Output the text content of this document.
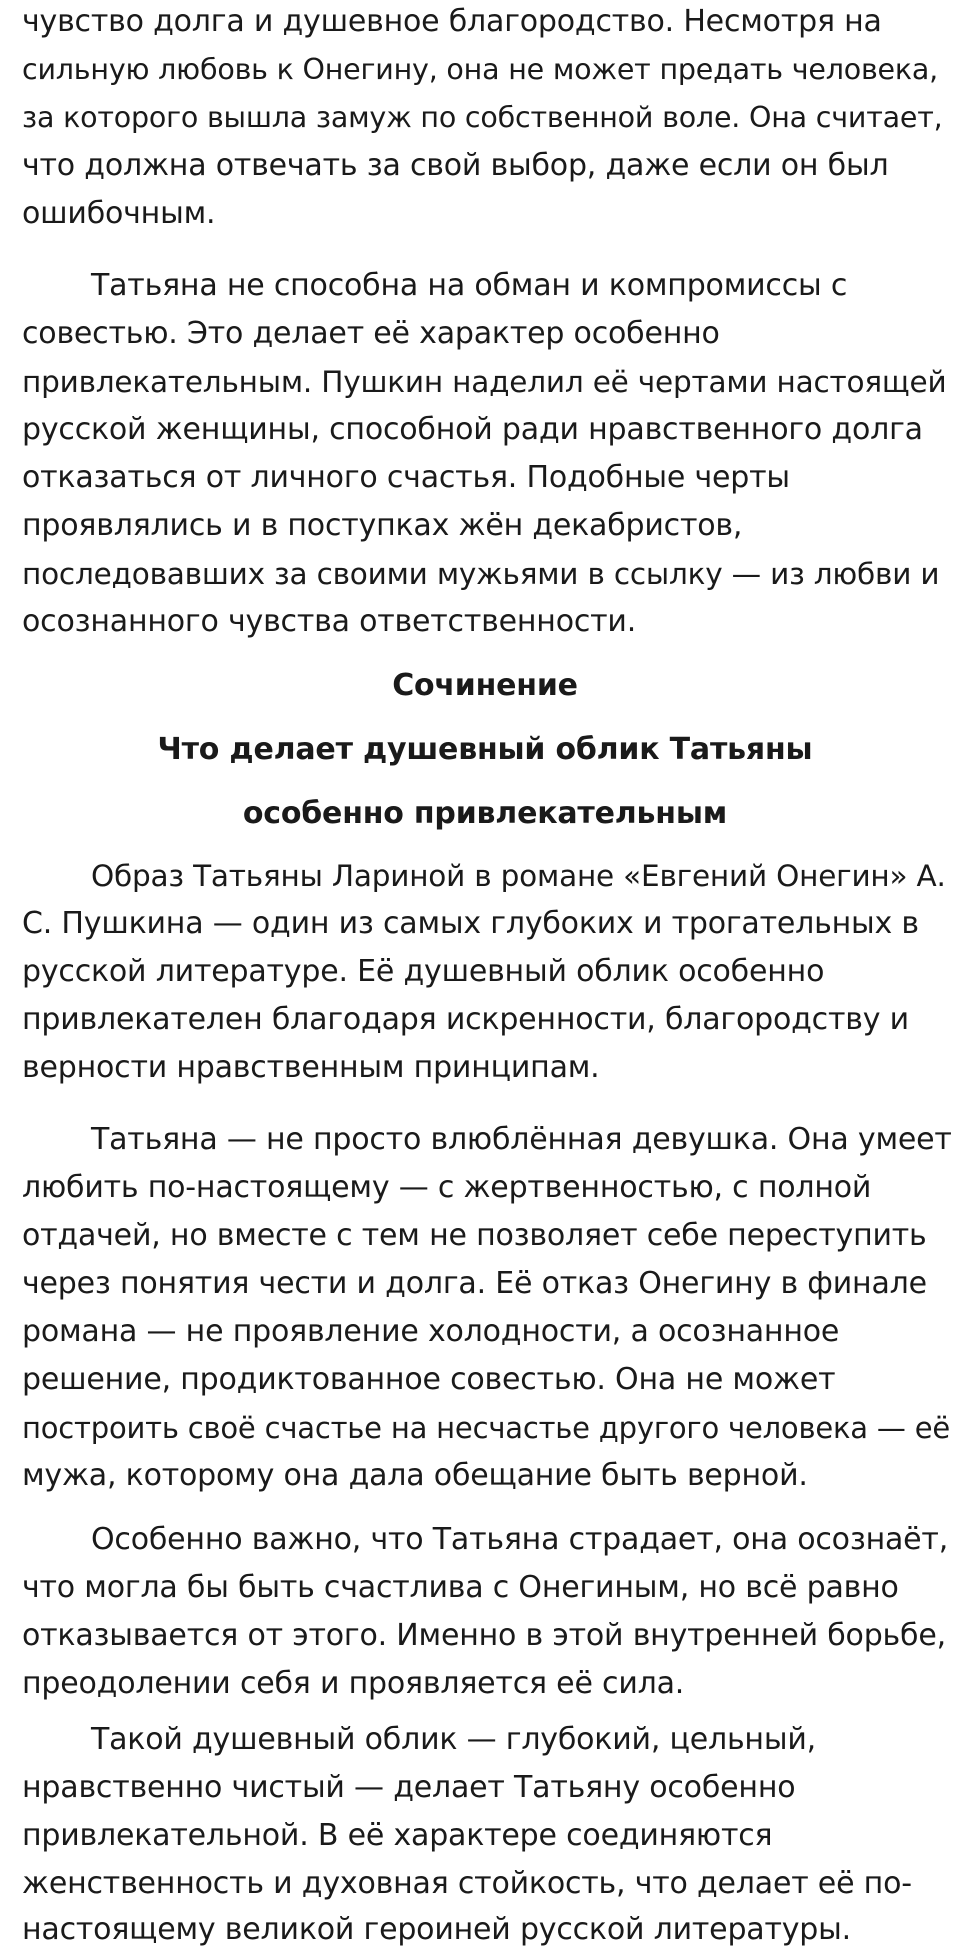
чувство долга и душевное благородство. Несмотря на
сильную любовь к Онегину, она не может предать человека,
за которого вышла замуж по собственной воле. Она считает,
что должна отвечать за свой выбор, даже если он был
ошибочным.
Татьяна не способна на обман и компромиссы с
совестью. Это делает её характер особенно
привлекательным. Пушкин наделил её чертами настоящей
русской женщины, способной ради нравственного долга
отказаться от личного счастья. Подобные черты
проявлялись и в поступках жён декабристов,
последовавших за своими мужьями в ссылку — из любви и
осознанного чувства ответственности.
Сочинение
Что делает душевный облик Татьяны
особенно привлекательным
Образ Татьяны Лариной в романе «Евгений Онегин» А.
С. Пушкина — один из самых глубоких и трогательных в
русской литературе. Её душевный облик особенно
привлекателен благодаря искренности, благородству и
верности нравственным принципам.
Татьяна — не просто влюблённая девушка. Она умеет
любить по-настоящему — с жертвенностью, с полной
отдачей, но вместе с тем не позволяет себе переступить
через понятия чести и долга. Её отказ Онегину в финале
романа — не проявление холодности, а осознанное
решение, продиктованное совестью. Она не может
построить своё счастье на несчастье другого человека — её
мужа, которому она дала обещание быть верной.
Особенно важно, что Татьяна страдает, она осознаёт,
что могла бы быть счастлива с Онегиным, но всё равно
отказывается от этого. Именно в этой внутренней борьбе,
преодолении себя и проявляется её сила.
Такой душевный облик — глубокий, цельный,
нравственно чистый — делает Татьяну особенно
привлекательной. В её характере соединяются
женственность и духовная стойкость, что делает её по-
настоящему великой героиней русской литературы.
